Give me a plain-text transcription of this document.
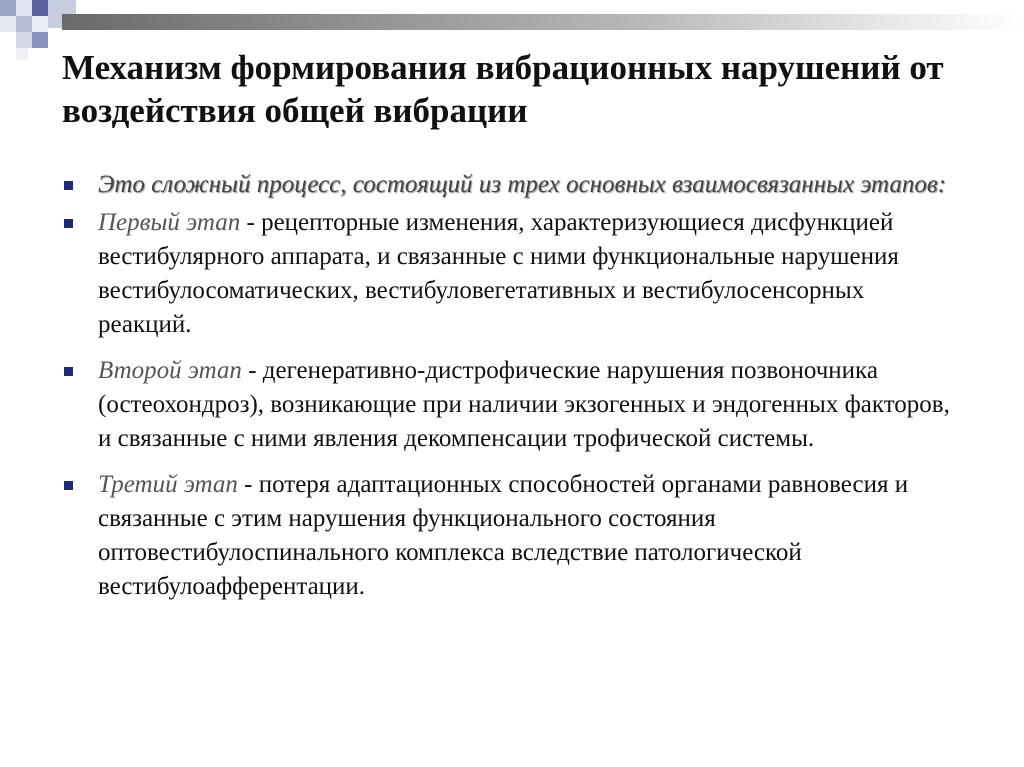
Механизм формирования вибрационных нарушений от воздействия общей вибрации
Это сложный процесс, состоящий из трех основных взаимосвязанных этапов:
Первый этап - рецепторные изменения, характеризующиеся дисфункцией вестибулярного аппарата, и связанные с ними функциональные нарушения вестибулосоматических, вестибуловегетативных и вестибулосенсорных реакций.
Второй этап - дегенеративно-дистрофические нарушения позвоночника (остеохондроз), возникающие при наличии экзогенных и эндогенных факторов, и связанные с ними явления декомпенсации трофической системы.
Третий этап - потеря адаптационных способностей органами равновесия и связанные с этим нарушения функционального состояния оптовестибулоспинального комплекса вследствие патологической вестибулоафферентации.
